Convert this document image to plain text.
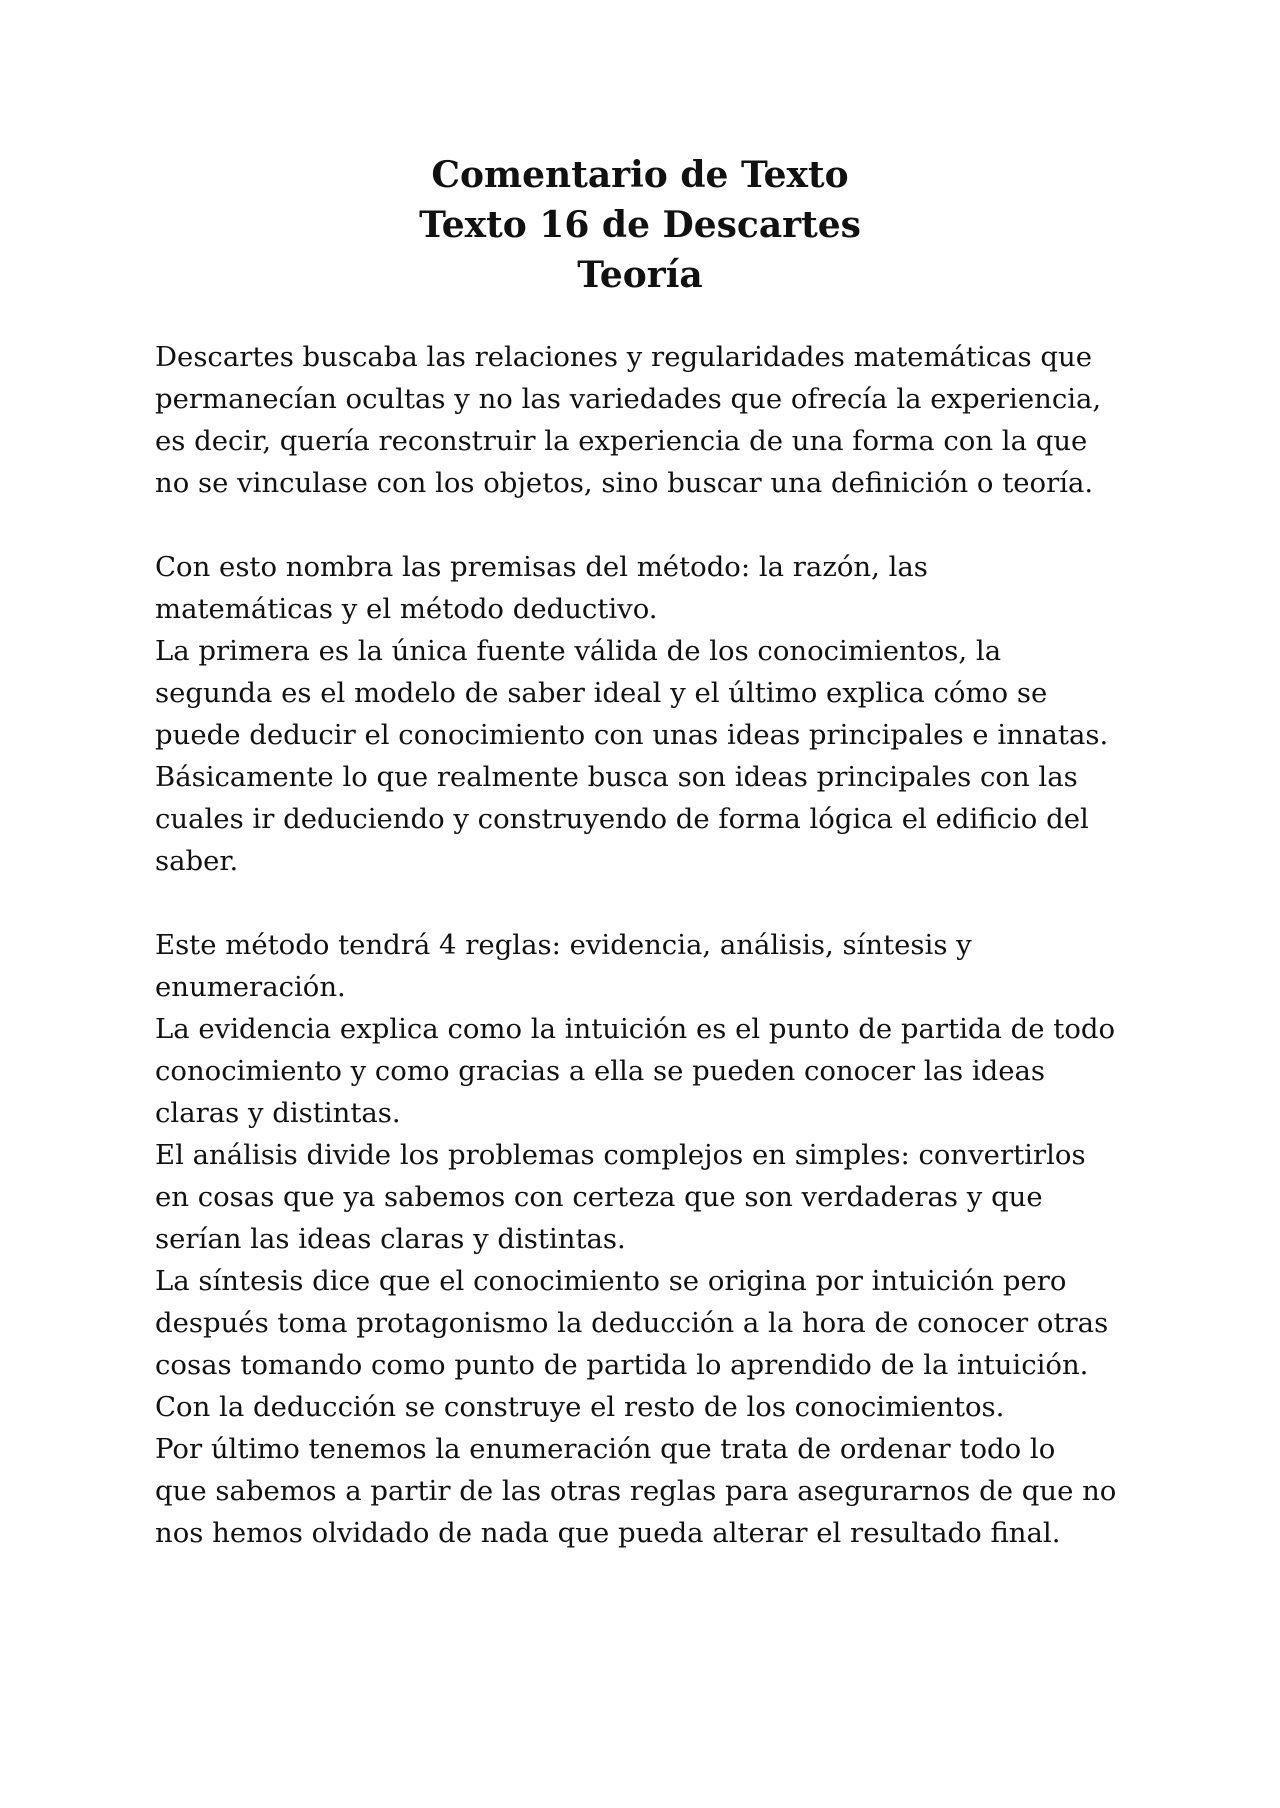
Comentario de Texto
Texto 16 de Descartes
Teoría
Descartes buscaba las relaciones y regularidades matemáticas que
permanecían ocultas y no las variedades que ofrecía la experiencia,
es decir, quería reconstruir la experiencia de una forma con la que
no se vinculase con los objetos, sino buscar una definición o teoría.
Con esto nombra las premisas del método: la razón, las
matemáticas y el método deductivo.
La primera es la única fuente válida de los conocimientos, la
segunda es el modelo de saber ideal y el último explica cómo se
puede deducir el conocimiento con unas ideas principales e innatas.
Básicamente lo que realmente busca son ideas principales con las
cuales ir deduciendo y construyendo de forma lógica el edificio del
saber.
Este método tendrá 4 reglas: evidencia, análisis, síntesis y
enumeración.
La evidencia explica como la intuición es el punto de partida de todo
conocimiento y como gracias a ella se pueden conocer las ideas
claras y distintas.
El análisis divide los problemas complejos en simples: convertirlos
en cosas que ya sabemos con certeza que son verdaderas y que
serían las ideas claras y distintas.
La síntesis dice que el conocimiento se origina por intuición pero
después toma protagonismo la deducción a la hora de conocer otras
cosas tomando como punto de partida lo aprendido de la intuición.
Con la deducción se construye el resto de los conocimientos.
Por último tenemos la enumeración que trata de ordenar todo lo
que sabemos a partir de las otras reglas para asegurarnos de que no
nos hemos olvidado de nada que pueda alterar el resultado final.
